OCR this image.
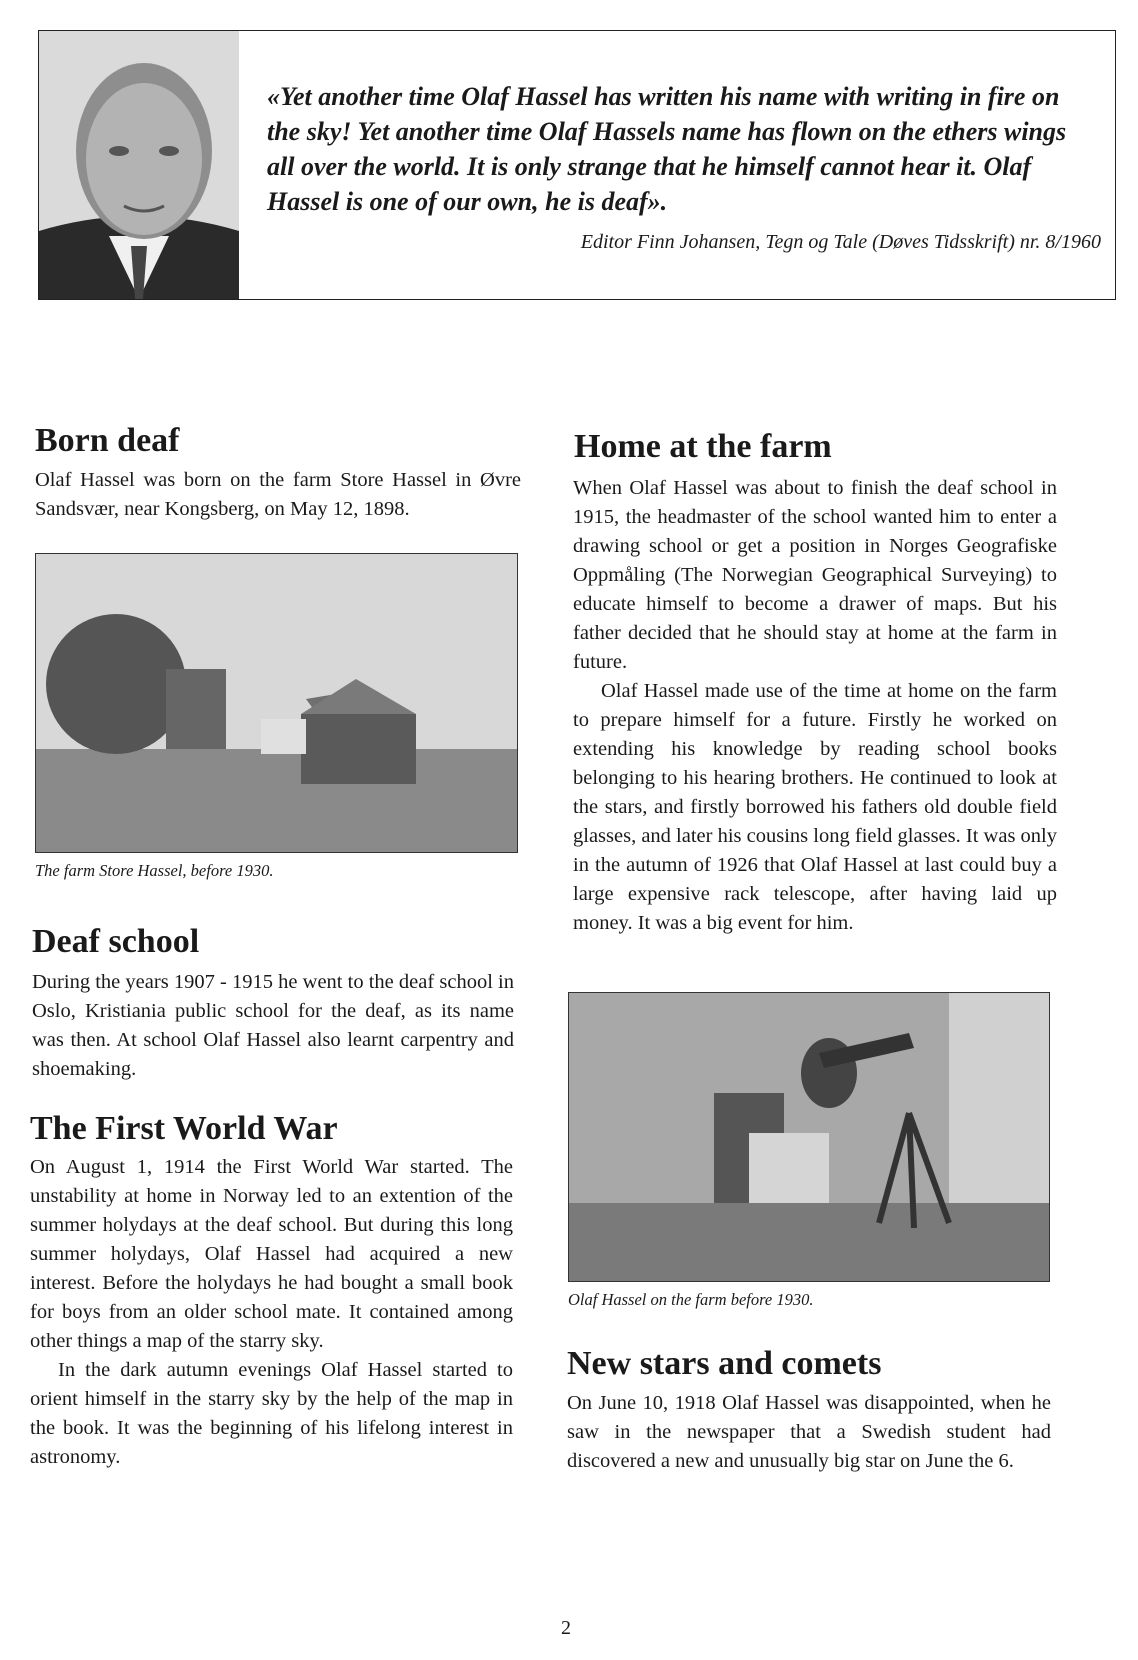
«Yet another time Olaf Hassel has written his name with writing in fire on the sky! Yet another time Olaf Hassels name has flown on the ethers wings all over the world. It is only strange that he himself cannot hear it. Olaf Hassel is one of our own, he is deaf».
Editor Finn Johansen, Tegn og Tale (Døves Tidsskrift) nr. 8/1960
Born deaf

Olaf Hassel was born on the farm Store Hassel in Øvre Sandsvær, near Kongsberg, on May 12, 1898.

The farm Store Hassel, before 1930.
Deaf school

During the years 1907 - 1915 he went to the deaf school in Oslo, Kristiania public school for the deaf, as its name was then. At school Olaf Hassel also learnt carpentry and shoemaking.

The First World War

On August 1, 1914 the First World War started. The unstability at home in Norway led to an extention of the summer holydays at the deaf school. But during this long summer holydays, Olaf Hassel had acquired a new interest. Before the holydays he had bought a small book for boys from an older school mate. It contained among other things a map of the starry sky.

In the dark autumn evenings Olaf Hassel started to orient himself in the starry sky by the help of the map in the book. It was the beginning of his lifelong interest in astronomy.

Home at the farm

When Olaf Hassel was about to finish the deaf school in 1915, the headmaster of the school wanted him to enter a drawing school or get a position in Norges Geografiske Oppmåling (The Norwegian Geographical Surveying) to educate himself to become a drawer of maps. But his father decided that he should stay at home at the farm in future.

Olaf Hassel made use of the time at home on the farm to prepare himself for a future. Firstly he worked on extending his knowledge by reading school books belonging to his hearing brothers. He continued to look at the stars, and firstly borrowed his fathers old double field glasses, and later his cousins long field glasses. It was only in the autumn of 1926 that Olaf Hassel at last could buy a large expensive rack telescope, after having laid up money. It was a big event for him.

Olaf Hassel on the farm before 1930.
New stars and comets

On June 10, 1918 Olaf Hassel was disappointed, when he saw in the newspaper that a Swedish student had discovered a new and unusually big star on June the 6.

2
